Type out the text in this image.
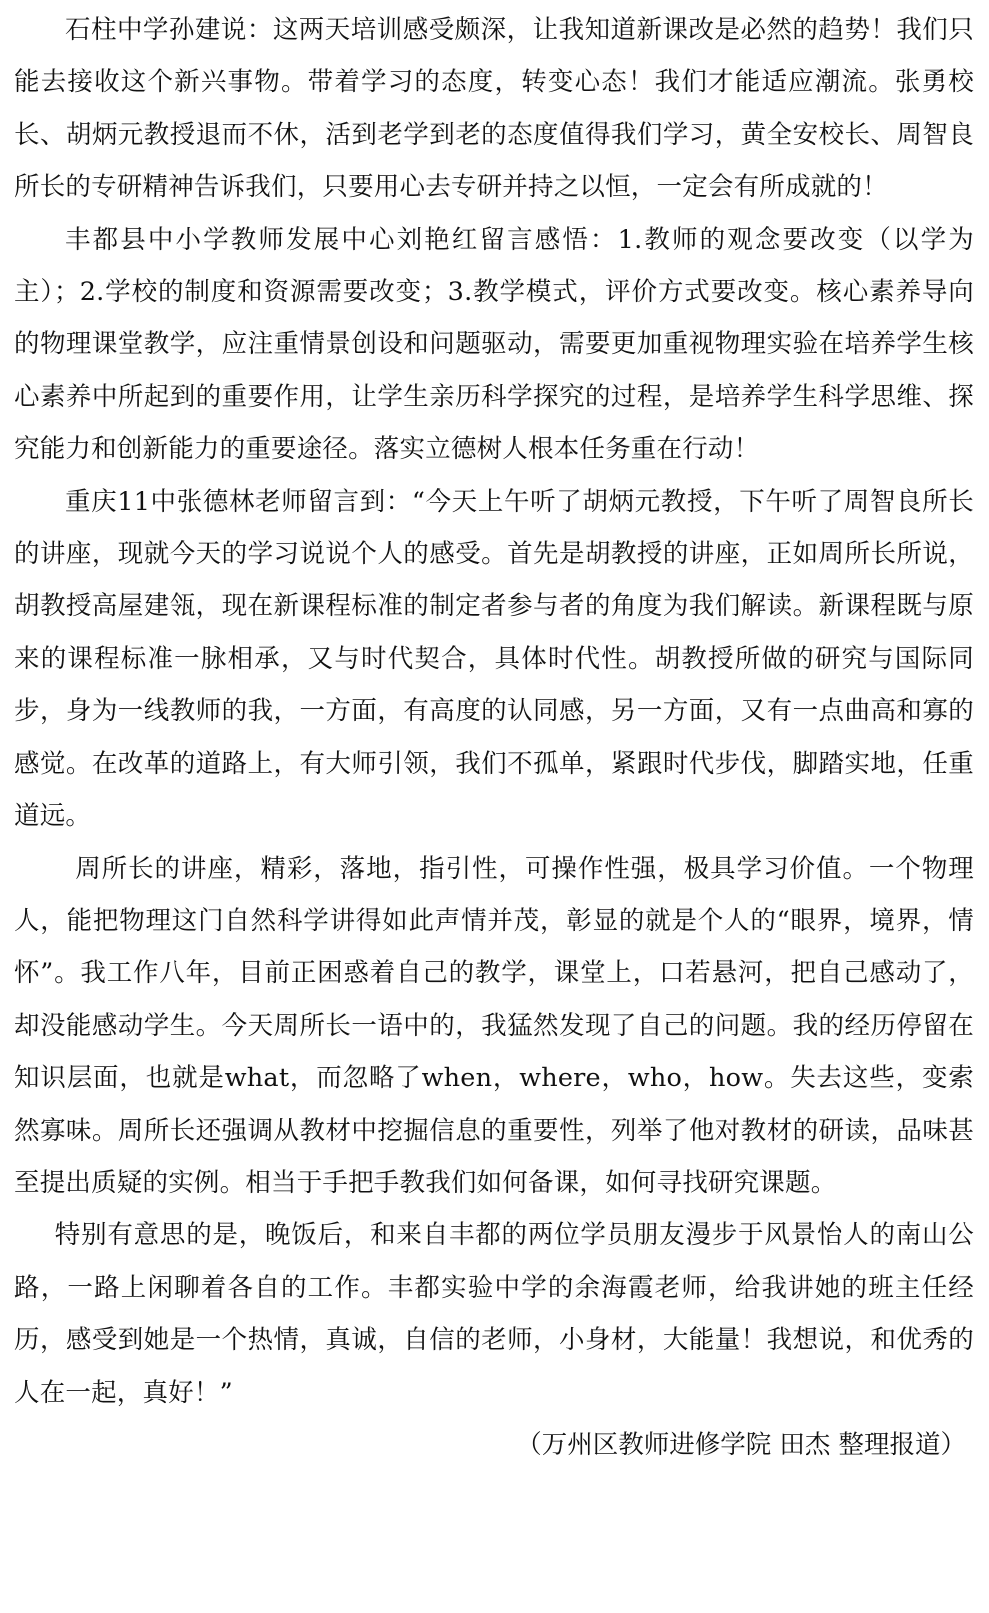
石柱中学孙建说：这两天培训感受颇深，让我知道新课改是必然的趋势！我们只能去接收这个新兴事物。带着学习的态度，转变心态！我们才能适应潮流。张勇校长、胡炳元教授退而不休，活到老学到老的态度值得我们学习，黄全安校长、周智良所长的专研精神告诉我们，只要用心去专研并持之以恒，一定会有所成就的！

丰都县中小学教师发展中心刘艳红留言感悟：1.教师的观念要改变（以学为主）；2.学校的制度和资源需要改变；3.教学模式，评价方式要改变。核心素养导向的物理课堂教学，应注重情景创设和问题驱动，需要更加重视物理实验在培养学生核心素养中所起到的重要作用，让学生亲历科学探究的过程，是培养学生科学思维、探究能力和创新能力的重要途径。落实立德树人根本任务重在行动！

重庆11中张德林老师留言到：“今天上午听了胡炳元教授，下午听了周智良所长的讲座，现就今天的学习说说个人的感受。首先是胡教授的讲座，正如周所长所说，胡教授高屋建瓴，现在新课程标准的制定者参与者的角度为我们解读。新课程既与原来的课程标准一脉相承，又与时代契合，具体时代性。胡教授所做的研究与国际同步，身为一线教师的我，一方面，有高度的认同感，另一方面，又有一点曲高和寡的感觉。在改革的道路上，有大师引领，我们不孤单，紧跟时代步伐，脚踏实地，任重道远。

周所长的讲座，精彩，落地，指引性，可操作性强，极具学习价值。一个物理人，能把物理这门自然科学讲得如此声情并茂，彰显的就是个人的“眼界，境界，情怀”。我工作八年，目前正困惑着自己的教学，课堂上，口若悬河，把自己感动了，却没能感动学生。今天周所长一语中的，我猛然发现了自己的问题。我的经历停留在知识层面，也就是what，而忽略了when，where，who，how。失去这些，变索然寡味。周所长还强调从教材中挖掘信息的重要性，列举了他对教材的研读，品味甚至提出质疑的实例。相当于手把手教我们如何备课，如何寻找研究课题。

特别有意思的是，晚饭后，和来自丰都的两位学员朋友漫步于风景怡人的南山公路，一路上闲聊着各自的工作。丰都实验中学的余海霞老师，给我讲她的班主任经历，感受到她是一个热情，真诚，自信的老师，小身材，大能量！我想说，和优秀的人在一起，真好！”

（万州区教师进修学院 田杰 整理报道）
